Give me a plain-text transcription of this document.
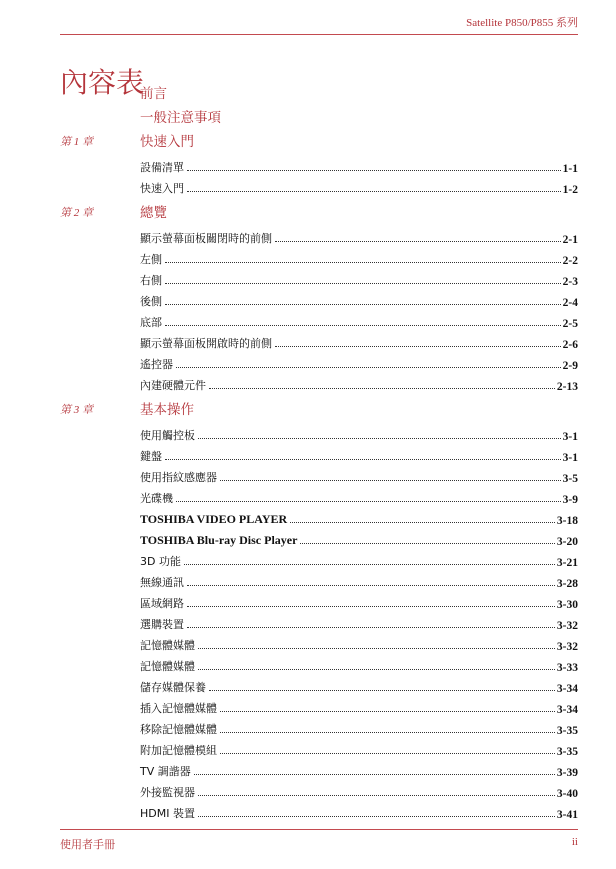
Satellite P850/P855 系列
內容表
前言
一般注意事項
第 1 章	快速入門
設備清單	1-1
快速入門	1-2
第 2 章	總覽
顯示螢幕面板關閉時的前側	2-1
左側	2-2
右側	2-3
後側	2-4
底部	2-5
顯示螢幕面板開啟時的前側	2-6
遙控器	2-9
內建硬體元件	2-13
第 3 章	基本操作
使用觸控板	3-1
鍵盤	3-1
使用指紋感應器	3-5
光碟機	3-9
TOSHIBA VIDEO PLAYER	3-18
TOSHIBA Blu-ray Disc Player	3-20
3D 功能	3-21
無線通訊	3-28
區域網路	3-30
選購裝置	3-32
記憶體媒體	3-32
記憶體媒體	3-33
儲存媒體保養	3-34
插入記憶體媒體	3-34
移除記憶體媒體	3-35
附加記憶體模組	3-35
TV 調諧器	3-39
外接監視器	3-40
HDMI 裝置	3-41
使用者手冊	ii
